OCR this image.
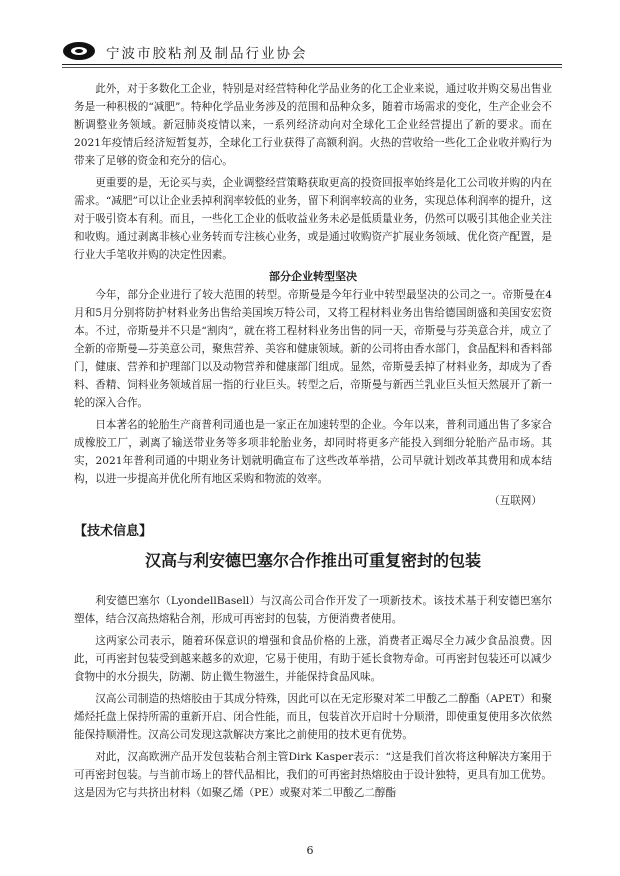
宁波市胶粘剂及制品行业协会

此外，对于多数化工企业，特别是对经营特种化学品业务的化工企业来说，通过收并购交易出售业务是一种积极的“减肥”。特种化学品业务涉及的范围和品种众多，随着市场需求的变化，生产企业会不断调整业务领域。新冠肺炎疫情以来，一系列经济动向对全球化工企业经营提出了新的要求。而在2021年疫情后经济短暂复苏，全球化工行业获得了高额利润。火热的营收给一些化工企业收并购行为带来了足够的资金和充分的信心。

更重要的是，无论买与卖，企业调整经营策略获取更高的投资回报率始终是化工公司收并购的内在需求。“减肥”可以让企业丢掉利润率较低的业务，留下利润率较高的业务，实现总体利润率的提升，这对于吸引资本有利。而且，一些化工企业的低收益业务未必是低质量业务，仍然可以吸引其他企业关注和收购。通过剥离非核心业务转而专注核心业务，或是通过收购资产扩展业务领域、优化资产配置，是行业大手笔收并购的决定性因素。

部分企业转型坚决

今年，部分企业进行了较大范围的转型。帝斯曼是今年行业中转型最坚决的公司之一。帝斯曼在4月和5月分别将防护材料业务出售给美国埃万特公司，又将工程材料业务出售给德国朗盛和美国安宏资本。不过，帝斯曼并不只是“割肉”，就在将工程材料业务出售的同一天，帝斯曼与芬美意合并，成立了全新的帝斯曼—芬美意公司，聚焦营养、美容和健康领域。新的公司将由香水部门，食品配料和香料部门，健康、营养和护理部门以及动物营养和健康部门组成。显然，帝斯曼丢掉了材料业务，却成为了香料、香精、饲料业务领域首屈一指的行业巨头。转型之后，帝斯曼与新西兰乳业巨头恒天然展开了新一轮的深入合作。

日本著名的轮胎生产商普利司通也是一家正在加速转型的企业。今年以来，普利司通出售了多家合成橡胶工厂，剥离了输送带业务等多项非轮胎业务，却同时将更多产能投入到细分轮胎产品市场。其实，2021年普利司通的中期业务计划就明确宣布了这些改革举措，公司早就计划改革其费用和成本结构，以进一步提高并优化所有地区采购和物流的效率。

（互联网）

【技术信息】
汉高与利安德巴塞尔合作推出可重复密封的包装

利安德巴塞尔（LyondellBasell）与汉高公司合作开发了一项新技术。该技术基于利安德巴塞尔塑体，结合汉高热熔粘合剂，形成可再密封的包装，方便消费者使用。

这两家公司表示，随着环保意识的增强和食品价格的上涨，消费者正竭尽全力减少食品浪费。因此，可再密封包装受到越来越多的欢迎，它易于使用，有助于延长食物寿命。可再密封包装还可以减少食物中的水分损失，防潮、防止微生物滋生，并能保持食品风味。

汉高公司制造的热熔胶由于其成分特殊，因此可以在无定形聚对苯二甲酸乙二醇酯（APET）和聚烯烃托盘上保持所需的重新开启、闭合性能，而且，包装首次开启时十分顺滑，即使重复使用多次依然能保持顺滑性。汉高公司发现这款解决方案比之前使用的技术更有优势。

对此，汉高欧洲产品开发包装粘合剂主管Dirk Kasper表示：“这是我们首次将这种解决方案用于可再密封包装。与当前市场上的替代品相比，我们的可再密封热熔胶由于设计独特，更具有加工优势。这是因为它与共挤出材料（如聚乙烯（PE）或聚对苯二甲酸乙二醇酯

6
